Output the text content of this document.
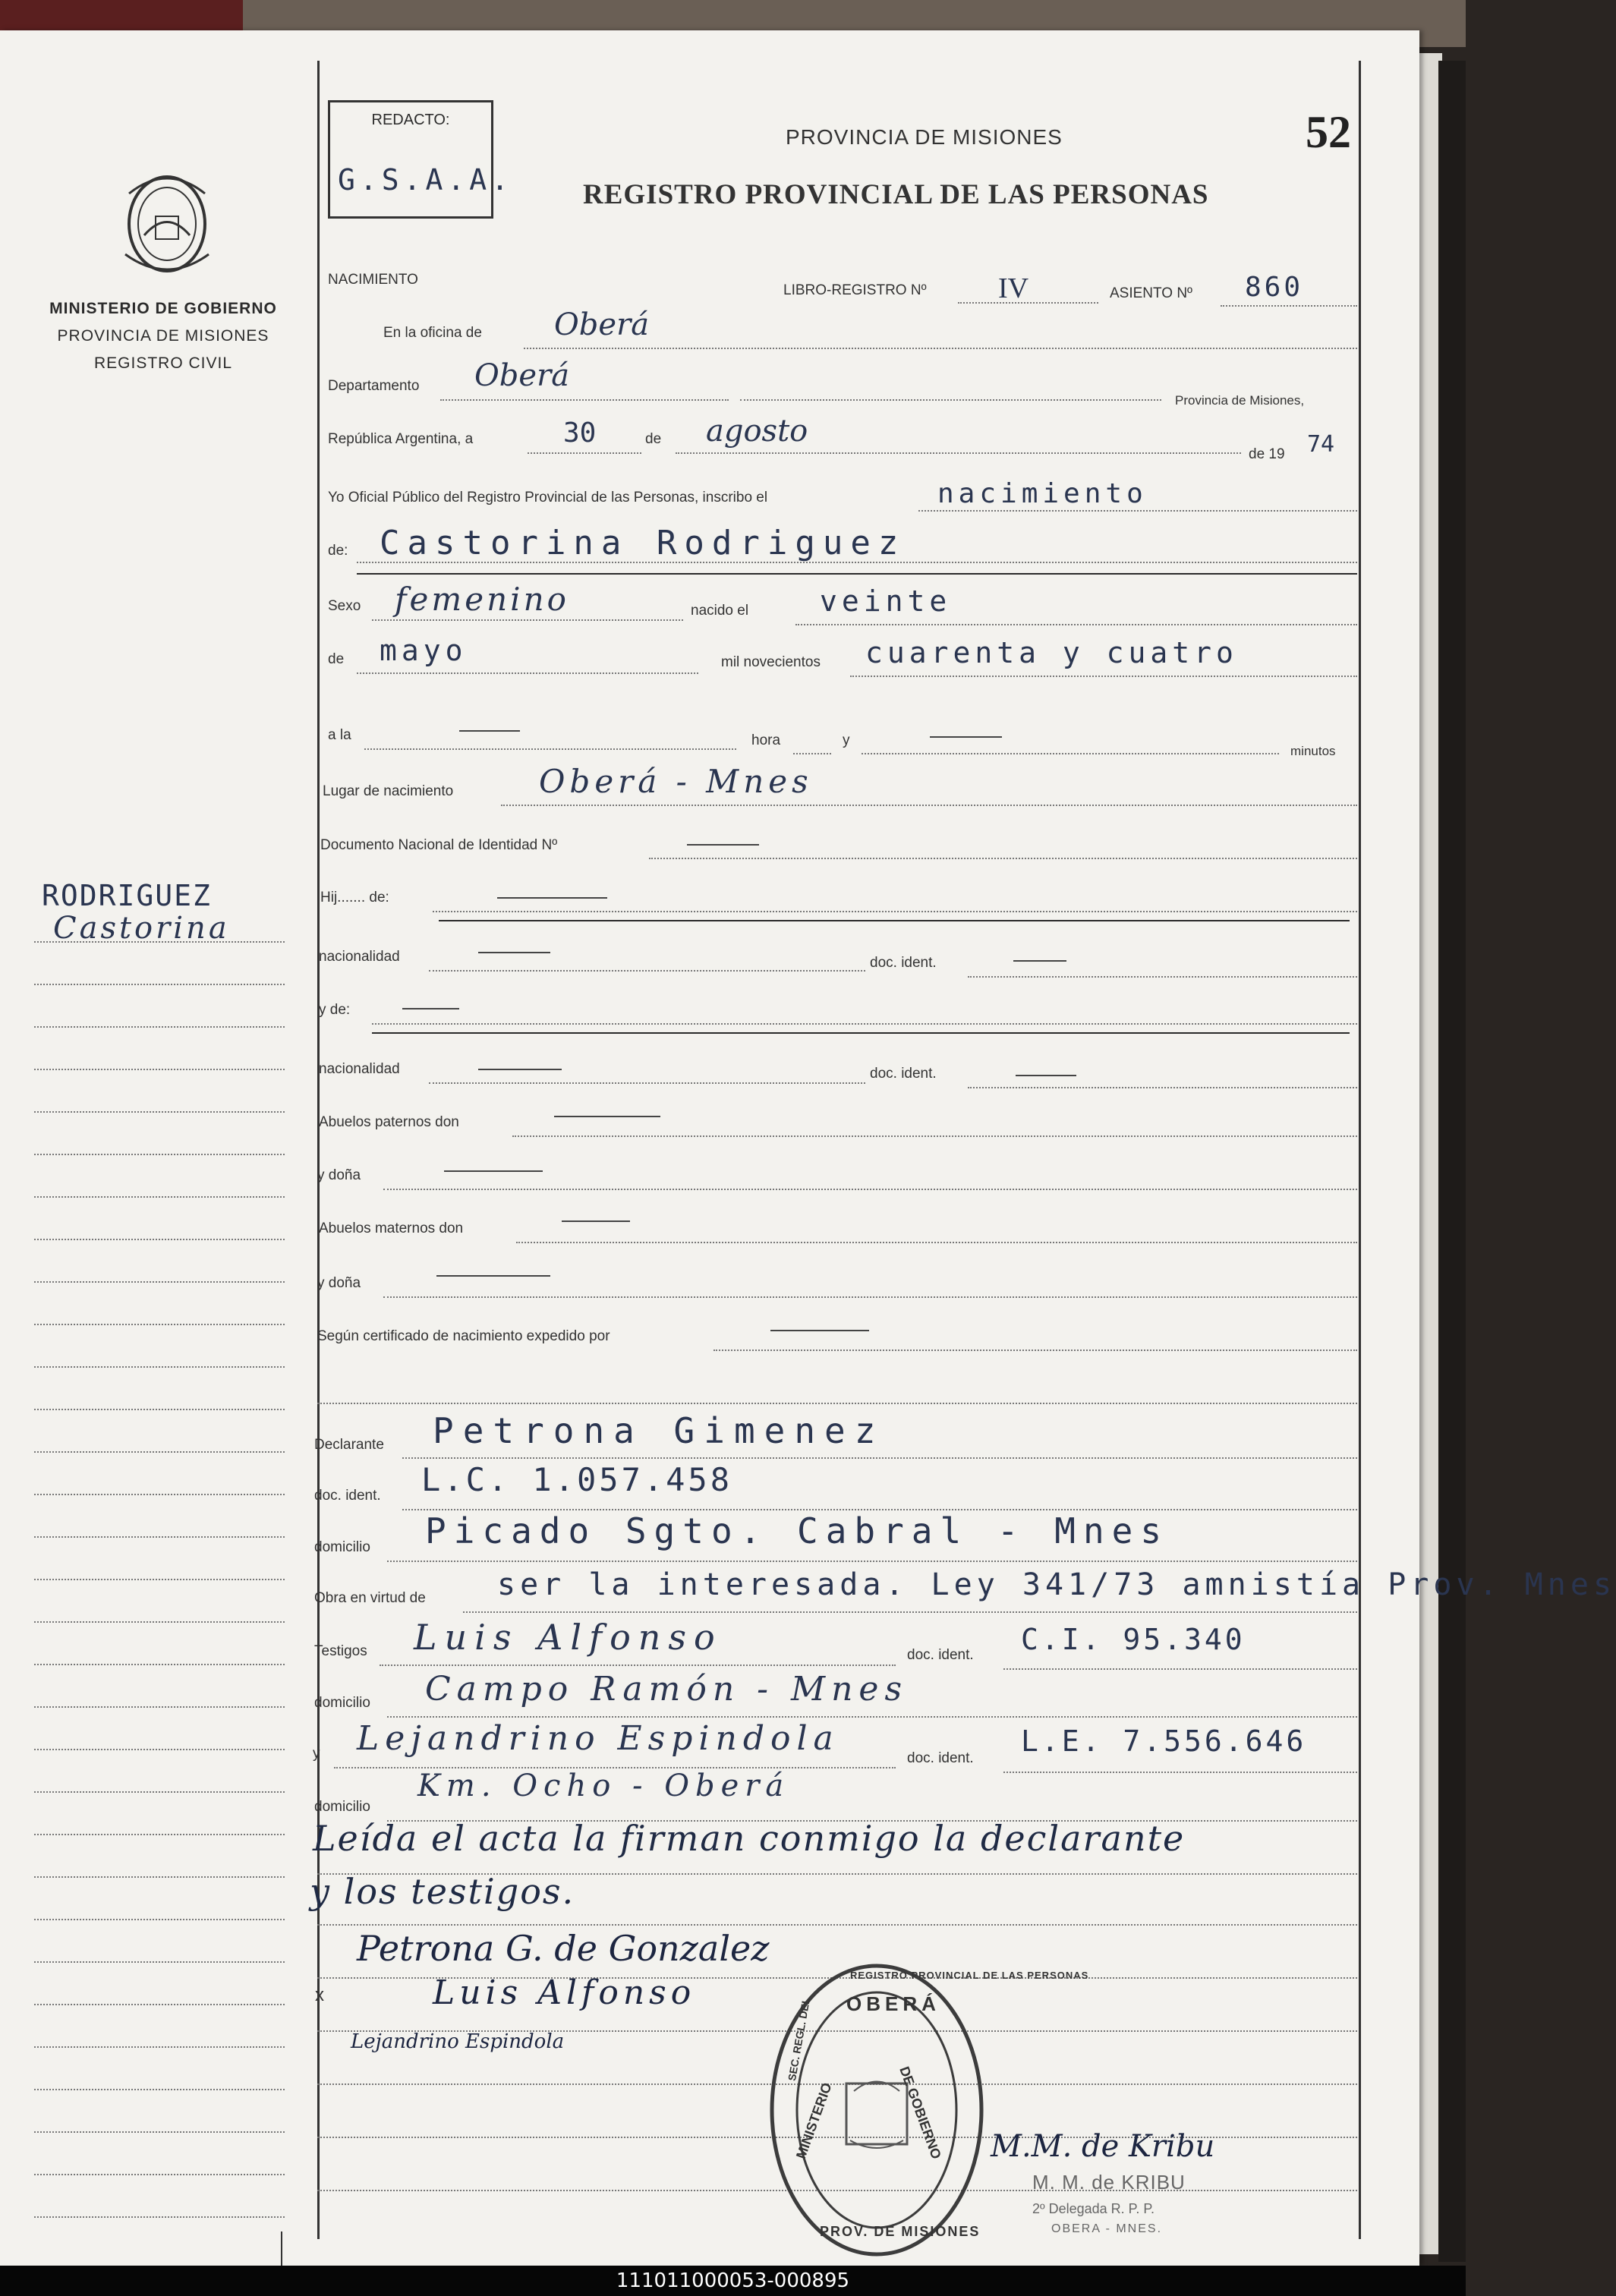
MINISTERIO DE GOBIERNO
PROVINCIA DE MISIONES
REGISTRO CIVIL
RODRIGUEZ
Castorina
REDACTO:
G.S.A.A.
PROVINCIA DE MISIONES
REGISTRO PROVINCIAL DE LAS PERSONAS
52
NACIMIENTO
LIBRO-REGISTRO Nº IV	ASIENTO Nº 860
En la oficina de Oberá
Departamento Oberá
Provincia de Misiones,
República Argentina, a	30	de agosto
de 19 74
Yo Oficial Público del Registro Provincial de las Personas, inscribo el	nacimiento
de: Castorina Rodriguez
Sexo femenino	nacido el veinte
de mayo	mil novecientos cuarenta y cuatro
a la	hora	y
minutos
Lugar de nacimiento	Oberá - Mnes
Documento Nacional de Identidad Nº
Hij....... de:
nacionalidad	doc. ident.
y de:
nacionalidad	doc. ident.
Abuelos paternos don
y doña
Abuelos maternos don
y doña
Según certificado de nacimiento expedido por
Declarante Petrona Gimenez
doc. ident. L.C. 1.057.458
domicilio Picado Sgto. Cabral - Mnes
Obra en virtud de ser la interesada. Ley 341/73 amnistía Prov. Mnes
Testigos Luis Alfonso	doc. ident. C.I. 95.340
domicilio Campo Ramón - Mnes
y Lejandrino Espindola
doc. ident.
L.E. 7.556.646
domicilio
Km. Ocho - Oberá
Leída el acta la firman conmigo la declarante
y los testigos.
Petrona G. de Gonzalez
x	Luis Alfonso
Lejandrino Espindola
OBERÁ
MINISTERIO	DE GOBIERNO
PROV. DE MISIONES
SEC. REGL. DEL
REGISTRO PROVINCIAL DE LAS PERSONAS
M.M. de Kribu
M. M. de KRIBU
2º Delegada R. P. P.
OBERA - MNES.
111011000053-000895
